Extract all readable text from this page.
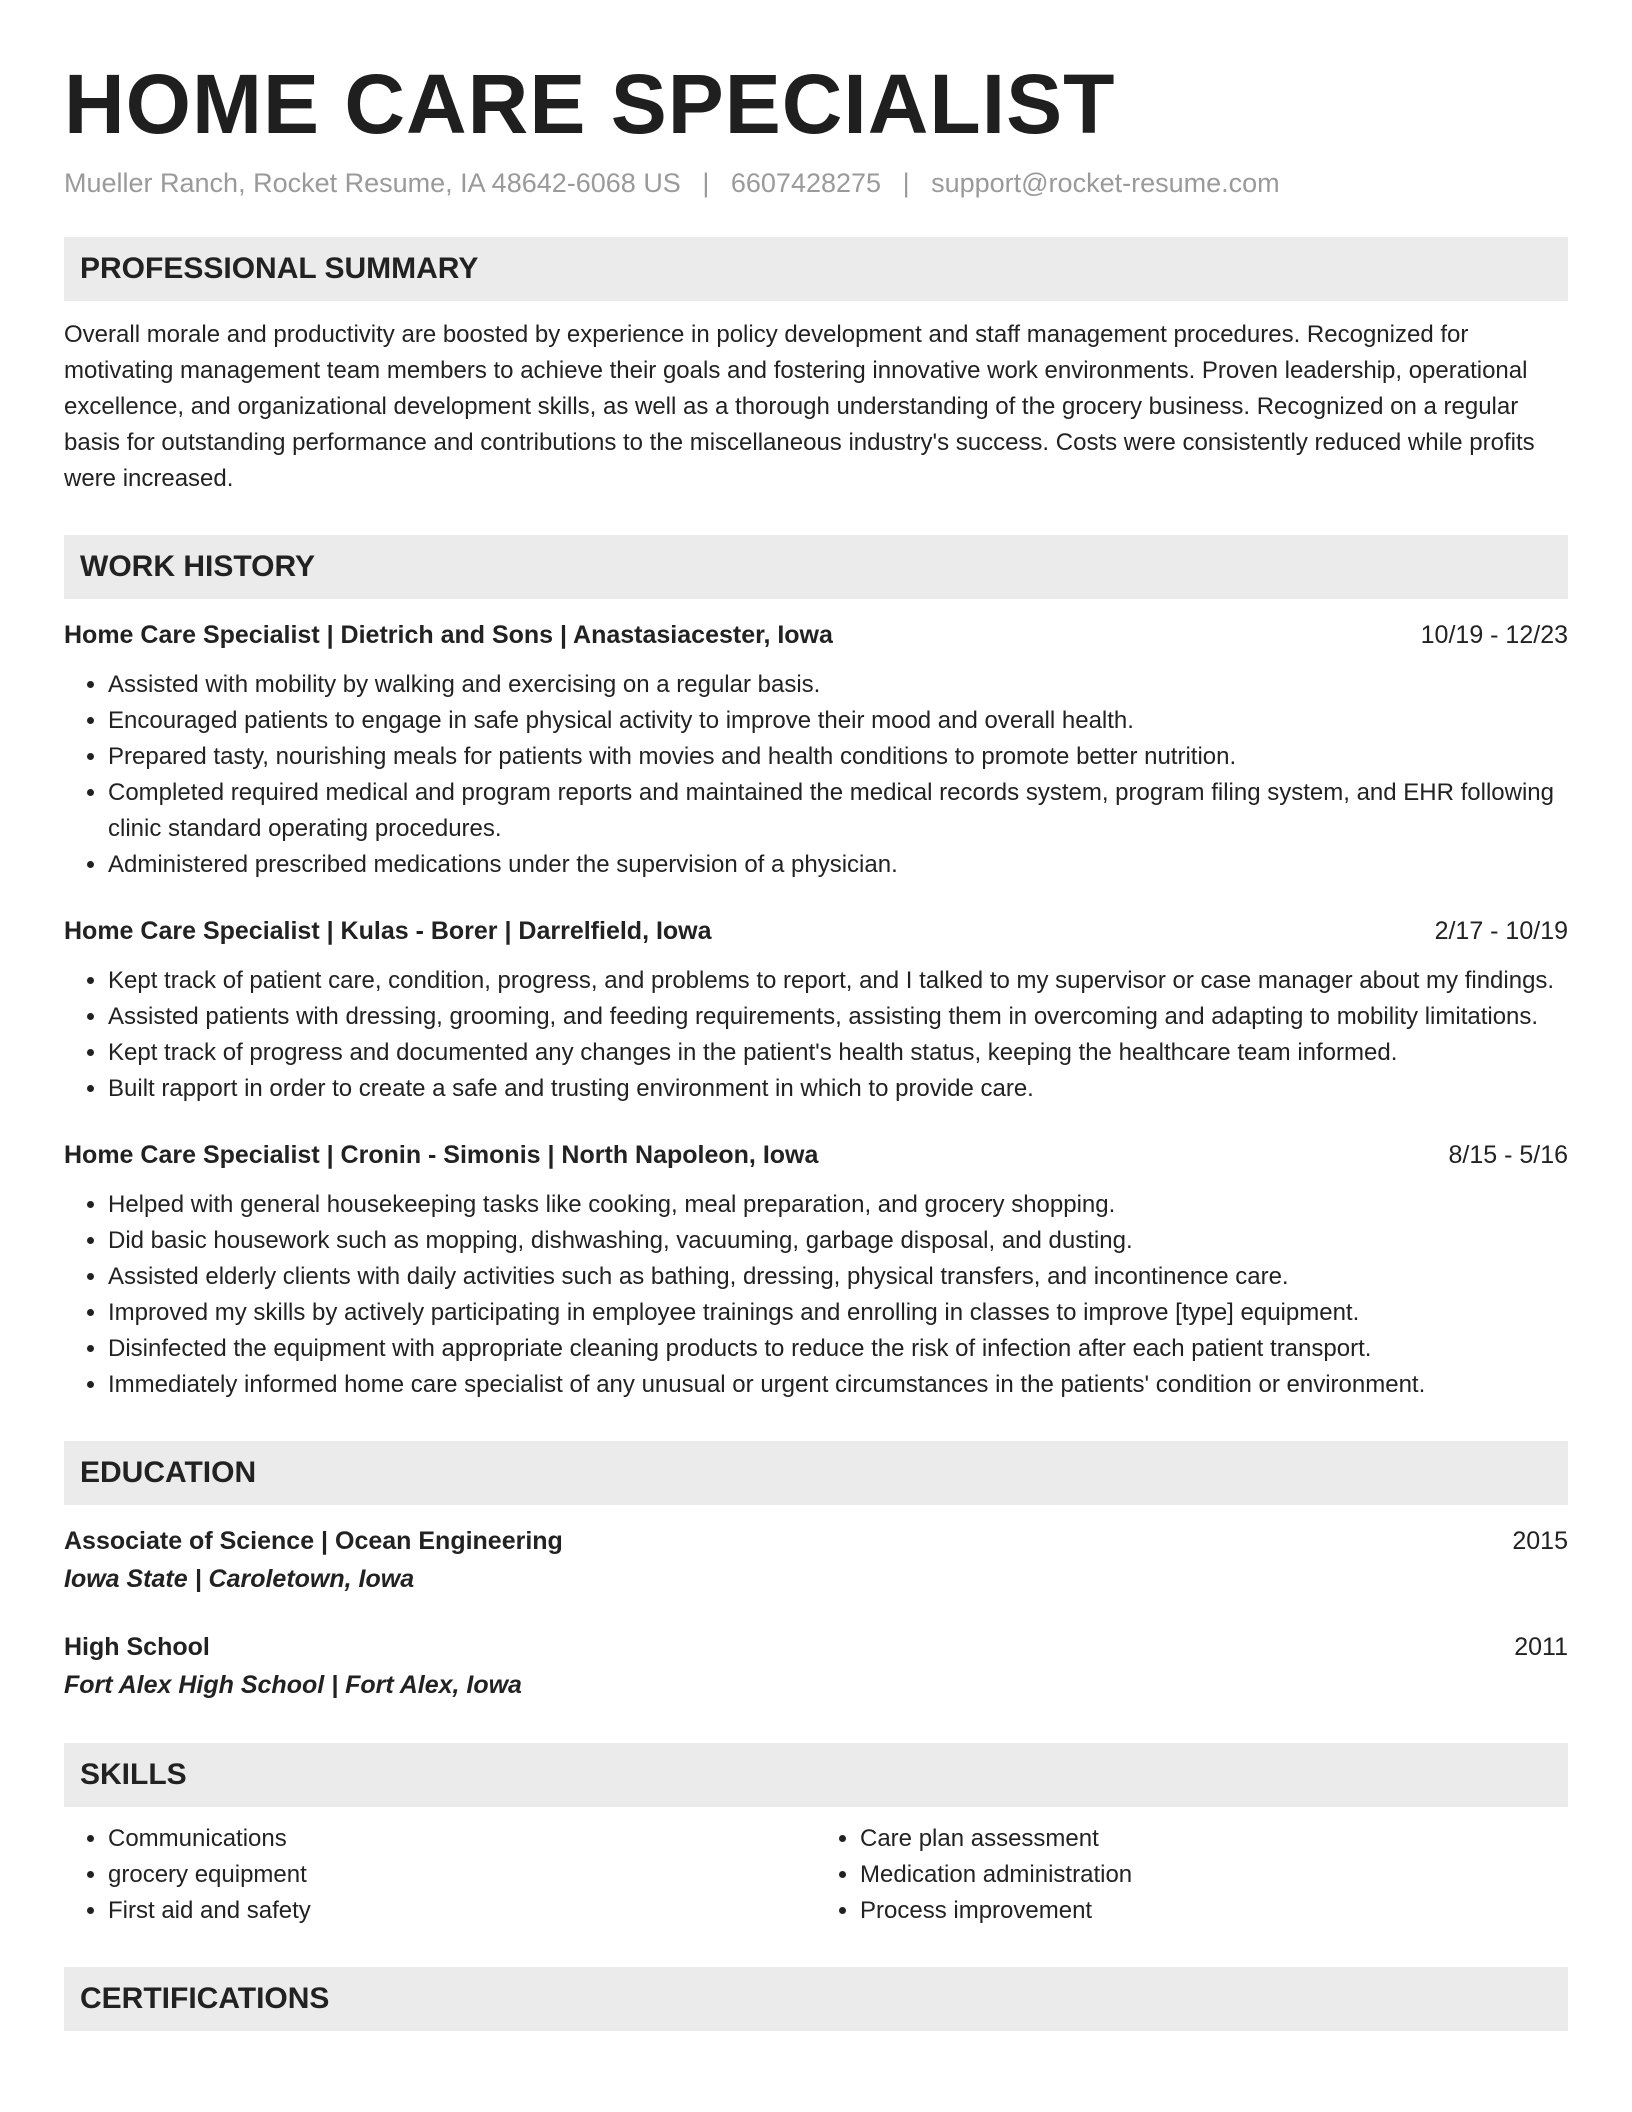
HOME CARE SPECIALIST
Mueller Ranch, Rocket Resume, IA 48642-6068 US | 6607428275 | support@rocket-resume.com
PROFESSIONAL SUMMARY
Overall morale and productivity are boosted by experience in policy development and staff management procedures. Recognized for motivating management team members to achieve their goals and fostering innovative work environments. Proven leadership, operational excellence, and organizational development skills, as well as a thorough understanding of the grocery business. Recognized on a regular basis for outstanding performance and contributions to the miscellaneous industry's success. Costs were consistently reduced while profits were increased.
WORK HISTORY
Home Care Specialist | Dietrich and Sons | Anastasiacester, Iowa	10/19 - 12/23
• Assisted with mobility by walking and exercising on a regular basis.
• Encouraged patients to engage in safe physical activity to improve their mood and overall health.
• Prepared tasty, nourishing meals for patients with movies and health conditions to promote better nutrition.
• Completed required medical and program reports and maintained the medical records system, program filing system, and EHR following clinic standard operating procedures.
• Administered prescribed medications under the supervision of a physician.
Home Care Specialist | Kulas - Borer | Darrelfield, Iowa	2/17 - 10/19
• Kept track of patient care, condition, progress, and problems to report, and I talked to my supervisor or case manager about my findings.
• Assisted patients with dressing, grooming, and feeding requirements, assisting them in overcoming and adapting to mobility limitations.
• Kept track of progress and documented any changes in the patient's health status, keeping the healthcare team informed.
• Built rapport in order to create a safe and trusting environment in which to provide care.
Home Care Specialist | Cronin - Simonis | North Napoleon, Iowa	8/15 - 5/16
• Helped with general housekeeping tasks like cooking, meal preparation, and grocery shopping.
• Did basic housework such as mopping, dishwashing, vacuuming, garbage disposal, and dusting.
• Assisted elderly clients with daily activities such as bathing, dressing, physical transfers, and incontinence care.
• Improved my skills by actively participating in employee trainings and enrolling in classes to improve [type] equipment.
• Disinfected the equipment with appropriate cleaning products to reduce the risk of infection after each patient transport.
• Immediately informed home care specialist of any unusual or urgent circumstances in the patients' condition or environment.
EDUCATION
Associate of Science | Ocean Engineering	2015
Iowa State | Caroletown, Iowa
High School	2011
Fort Alex High School | Fort Alex, Iowa
SKILLS
• Communications
• grocery equipment
• First aid and safety
• Care plan assessment
• Medication administration
• Process improvement
CERTIFICATIONS
